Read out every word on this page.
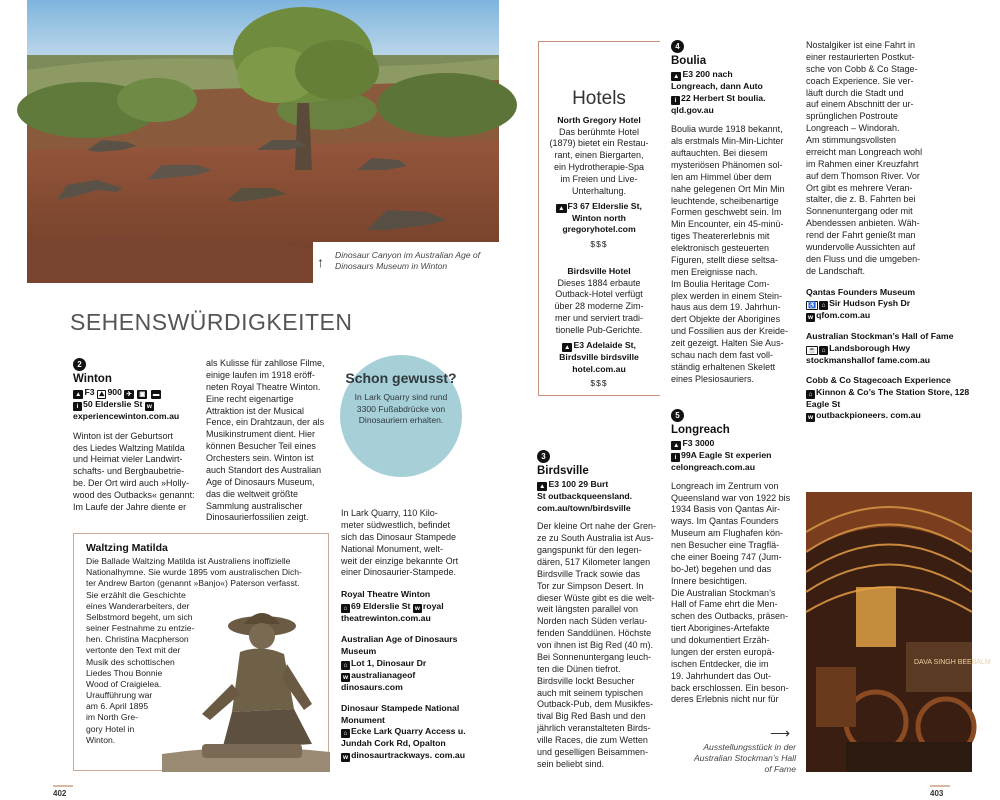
Dinosaur Canyon im Australian Age of Dinosaurs Museum in Winton
↑
SEHENSWÜRDIGKEITEN
2
Winton
▲ F3 ⛰ 900 ✈ ▣ ▬
i 50 Elderslie St w
experiencewinton.com.au

Winton ist der Geburtsort

des Liedes Waltzing Matilda

und Heimat vieler Landwirt-

schafts- und Bergbaubetrie-

be. Der Ort wird auch »Holly-

wood des Outbacks« genannt:

Im Laufe der Jahre diente er

als Kulisse für zahllose Filme,

einige laufen im 1918 eröff-

neten Royal Theatre Winton.

Eine recht eigenartige

Attraktion ist der Musical

Fence, ein Drahtzaun, der als

Musikinstrument dient. Hier

können Besucher Teil eines

Orchesters sein. Winton ist

auch Standort des Australian

Age of Dinosaurs Museum,

das die weltweit größte

Sammlung australischer

Dinosaurierfossilien zeigt.

Schon gewusst?
In Lark Quarry sind rund 3300 Fußabdrücke von Dinosauriern erhalten.

In Lark Quarry, 110 Kilo-

meter südwestlich, befindet

sich das Dinosaur Stampede

National Monument, welt-

weit der einzige bekannte Ort

einer Dinosaurier-Stampede.

Royal Theatre Winton
⌂ 69 Elderslie St w royal theatrewinton.com.au
Australian Age of Dinosaurs Museum
⌂ Lot 1, Dinosaur Dr
w australianageof dinosaurs.com
Dinosaur Stampede National Monument
⌂ Ecke Lark Quarry Access u. Jundah Cork Rd, Opalton
w dinosaurtrackways. com.au
Waltzing Matilda

Die Ballade Waltzing Matilda ist Australiens inoffizielle

Nationalhymne. Sie wurde 1895 vom australischen Dich-

ter Andrew Barton (genannt »Banjo«) Paterson verfasst.

Sie erzählt die Geschichte

eines Wanderarbeiters, der

Selbstmord begeht, um sich

seiner Festnahme zu entzie-

hen. Christina Macpherson

vertonte den Text mit der

Musik des schottischen

Liedes Thou Bonnie

Wood of Craigielea.

Uraufführung war

am 6. April 1895

im North Gre-

gory Hotel in

Winton.

Hotels
North Gregory Hotel

Das berühmte Hotel

(1879) bietet ein Restau-

rant, einen Biergarten,

ein Hydrotherapie-Spa

im Freien und Live-

Unterhaltung.

▲ F3 67 Elderslie St,
Winton north
gregoryhotel.com
$$$
Birdsville Hotel

Dieses 1884 erbaute

Outback-Hotel verfügt

über 28 moderne Zim-

mer und serviert tradi-

tionelle Pub-Gerichte.

▲ E3 Adelaide St,
Birdsville birdsville
hotel.com.au
$$$
3
Birdsville
▲ E3 100 29 Burt
St outbackqueensland.
com.au/town/birdsville

Der kleine Ort nahe der Gren-

ze zu South Australia ist Aus-

gangspunkt für den legen-

dären, 517 Kilometer langen

Birdsville Track sowie das

Tor zur Simpson Desert. In

dieser Wüste gibt es die welt-

weit längsten parallel von

Norden nach Süden verlau-

fenden Sanddünen. Höchste

von ihnen ist Big Red (40 m).

Bei Sonnenuntergang leuch-

ten die Dünen tiefrot.

Birdsville lockt Besucher

auch mit seinem typischen

Outback-Pub, dem Musikfes-

tival Big Red Bash und den

jährlich veranstalteten Birds-

ville Races, die zum Wetten

und geselligen Beisammen-

sein beliebt sind.

4
Boulia
▲ E3 200 nach
Longreach, dann Auto
i 22 Herbert St boulia.
qld.gov.au

Boulia wurde 1918 bekannt,

als erstmals Min-Min-Lichter

auftauchten. Bei diesem

mysteriösen Phänomen sol-

len am Himmel über dem

nahe gelegenen Ort Min Min

leuchtende, scheibenartige

Formen geschwebt sein. Im

Min Encounter, ein 45-minü-

tiges Theatererlebnis mit

elektronisch gesteuerten

Figuren, stellt diese seltsa-

men Ereignisse nach.

Im Boulia Heritage Com-

plex werden in einem Stein-

haus aus dem 19. Jahrhun-

dert Objekte der Aborigines

und Fossilien aus der Kreide-

zeit gezeigt. Halten Sie Aus-

schau nach dem fast voll-

ständig erhaltenen Skelett

eines Plesiosauriers.

5
Longreach
▲ F3 3000
i 99A Eagle St experien
celongreach.com.au

Longreach im Zentrum von

Queensland war von 1922 bis

1934 Basis von Qantas Air-

ways. Im Qantas Founders

Museum am Flughafen kön-

nen Besucher eine Tragflä-

che einer Boeing 747 (Jum-

bo-Jet) begehen und das

Innere besichtigen.

Die Australian Stockman’s

Hall of Fame ehrt die Men-

schen des Outbacks, präsen-

tiert Aborigines-Artefakte

und dokumentiert Erzäh-

lungen der ersten europä-

ischen Entdecker, die im

19. Jahrhundert das Out-

back erschlossen. Ein beson-

deres Erlebnis nicht nur für

⟶
Ausstellungsstück in der Australian Stockman’s Hall of Fame

Nostalgiker ist eine Fahrt in

einer restaurierten Postkut-

sche von Cobb & Co Stage-

coach Experience. Sie ver-

läuft durch die Stadt und

auf einem Abschnitt der ur-

sprünglichen Postroute

Longreach – Windorah.

Am stimmungsvollsten

erreicht man Longreach wohl

im Rahmen einer Kreuzfahrt

auf dem Thomson River. Vor

Ort gibt es mehrere Veran-

stalter, die z. B. Fahrten bei

Sonnenuntergang oder mit

Abendessen anbieten. Wäh-

rend der Fahrt genießt man

wundervolle Aussichten auf

den Fluss und die umgeben-

de Landschaft.

Qantas Founders Museum
♿ ⌂ Sir Hudson Fysh Dr
w qfom.com.au
Australian Stockman’s Hall of Fame
☕ ⌂ Landsborough Hwy stockmanshallof fame.com.au
Cobb & Co Stagecoach Experience
⌂ Kinnon & Co’s The Station Store, 128 Eagle St
w outbackpioneers. com.au
DAVA SINGH BEEBALM
402	403
